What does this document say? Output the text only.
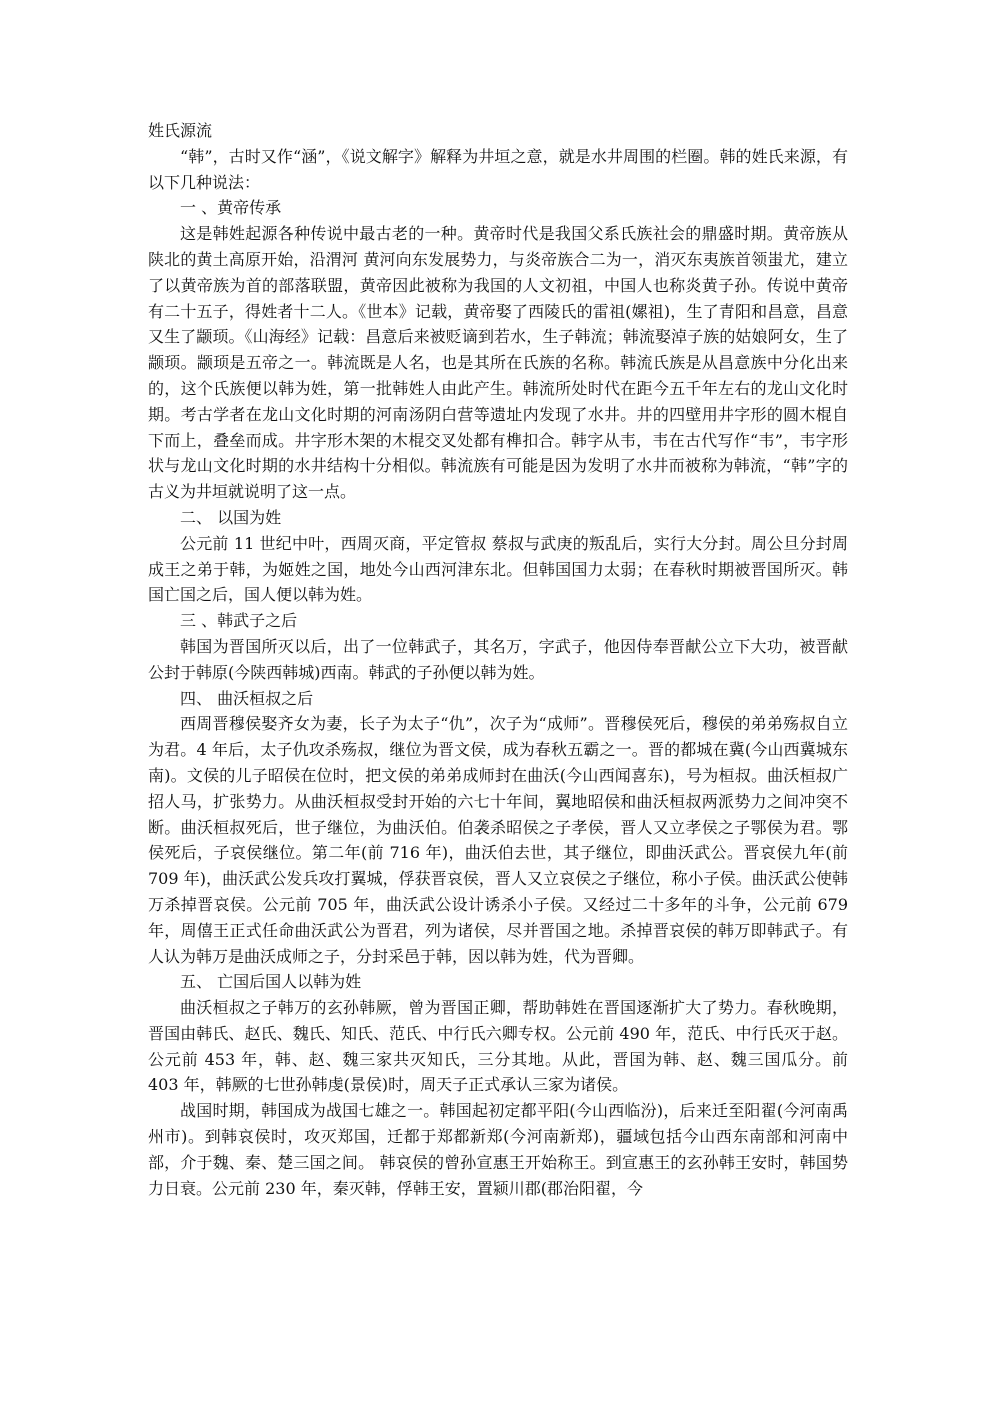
姓氏源流

“韩”，古时又作“涵”，《说文解字》解释为井垣之意，就是水井周围的栏圈。韩的姓氏来源，有以下几种说法：

一 、黄帝传承

这是韩姓起源各种传说中最古老的一种。黄帝时代是我国父系氏族社会的鼎盛时期。黄帝族从陕北的黄土高原开始，沿渭河 黄河向东发展势力，与炎帝族合二为一，消灭东夷族首领蚩尤，建立了以黄帝族为首的部落联盟，黄帝因此被称为我国的人文初祖，中国人也称炎黄子孙。传说中黄帝有二十五子，得姓者十二人。《世本》记载，黄帝娶了西陵氏的雷祖(嫘祖)，生了青阳和昌意，昌意又生了颛顼。《山海经》记载：昌意后来被贬谪到若水，生子韩流；韩流娶淖子族的姑娘阿女，生了颛顼。颛顼是五帝之一。韩流既是人名，也是其所在氏族的名称。韩流氏族是从昌意族中分化出来的，这个氏族便以韩为姓，第一批韩姓人由此产生。韩流所处时代在距今五千年左右的龙山文化时期。考古学者在龙山文化时期的河南汤阴白营等遗址内发现了水井。井的四壁用井字形的圆木棍自下而上，叠垒而成。井字形木架的木棍交叉处都有榫扣合。韩字从韦，韦在古代写作“韦”，韦字形状与龙山文化时期的水井结构十分相似。韩流族有可能是因为发明了水井而被称为韩流，“韩”字的古义为井垣就说明了这一点。

二、 以国为姓

公元前 11 世纪中叶，西周灭商，平定管叔 蔡叔与武庚的叛乱后，实行大分封。周公旦分封周成王之弟于韩，为姬姓之国，地处今山西河津东北。但韩国国力太弱；在春秋时期被晋国所灭。韩国亡国之后，国人便以韩为姓。

三 、韩武子之后

韩国为晋国所灭以后，出了一位韩武子，其名万，字武子，他因侍奉晋献公立下大功，被晋献公封于韩原(今陕西韩城)西南。韩武的子孙便以韩为姓。

四、 曲沃桓叔之后

西周晋穆侯娶齐女为妻，长子为太子“仇”，次子为“成师”。晋穆侯死后，穆侯的弟弟殇叔自立为君。4 年后，太子仇攻杀殇叔，继位为晋文侯，成为春秋五霸之一。晋的都城在冀(今山西冀城东南)。文侯的儿子昭侯在位时，把文侯的弟弟成师封在曲沃(今山西闻喜东)，号为桓叔。曲沃桓叔广招人马，扩张势力。从曲沃桓叔受封开始的六七十年间，翼地昭侯和曲沃桓叔两派势力之间冲突不断。曲沃桓叔死后，世子继位，为曲沃伯。伯袭杀昭侯之子孝侯，晋人又立孝侯之子鄂侯为君。鄂侯死后，子哀侯继位。第二年(前 716 年)，曲沃伯去世，其子继位，即曲沃武公。晋哀侯九年(前 709 年)，曲沃武公发兵攻打翼城，俘获晋哀侯，晋人又立哀侯之子继位，称小子侯。曲沃武公使韩万杀掉晋哀侯。公元前 705 年，曲沃武公设计诱杀小子侯。又经过二十多年的斗争，公元前 679 年，周僖王正式任命曲沃武公为晋君，列为诸侯，尽并晋国之地。杀掉晋哀侯的韩万即韩武子。有人认为韩万是曲沃成师之子，分封采邑于韩，因以韩为姓，代为晋卿。

五、 亡国后国人以韩为姓

曲沃桓叔之子韩万的玄孙韩厥，曾为晋国正卿，帮助韩姓在晋国逐渐扩大了势力。春秋晚期，晋国由韩氏、赵氏、魏氏、知氏、范氏、中行氏六卿专权。公元前 490 年，范氏、中行氏灭于赵。公元前 453 年，韩、赵、魏三家共灭知氏，三分其地。从此，晋国为韩、赵、魏三国瓜分。前 403 年，韩厥的七世孙韩虔(景侯)时，周天子正式承认三家为诸侯。

战国时期，韩国成为战国七雄之一。韩国起初定都平阳(今山西临汾)，后来迁至阳翟(今河南禹州市)。到韩哀侯时，攻灭郑国，迁都于郑都新郑(今河南新郑)，疆域包括今山西东南部和河南中部，介于魏、秦、楚三国之间。 韩哀侯的曾孙宣惠王开始称王。到宣惠王的玄孙韩王安时，韩国势力日衰。公元前 230 年，秦灭韩，俘韩王安，置颍川郡(郡治阳翟，今
